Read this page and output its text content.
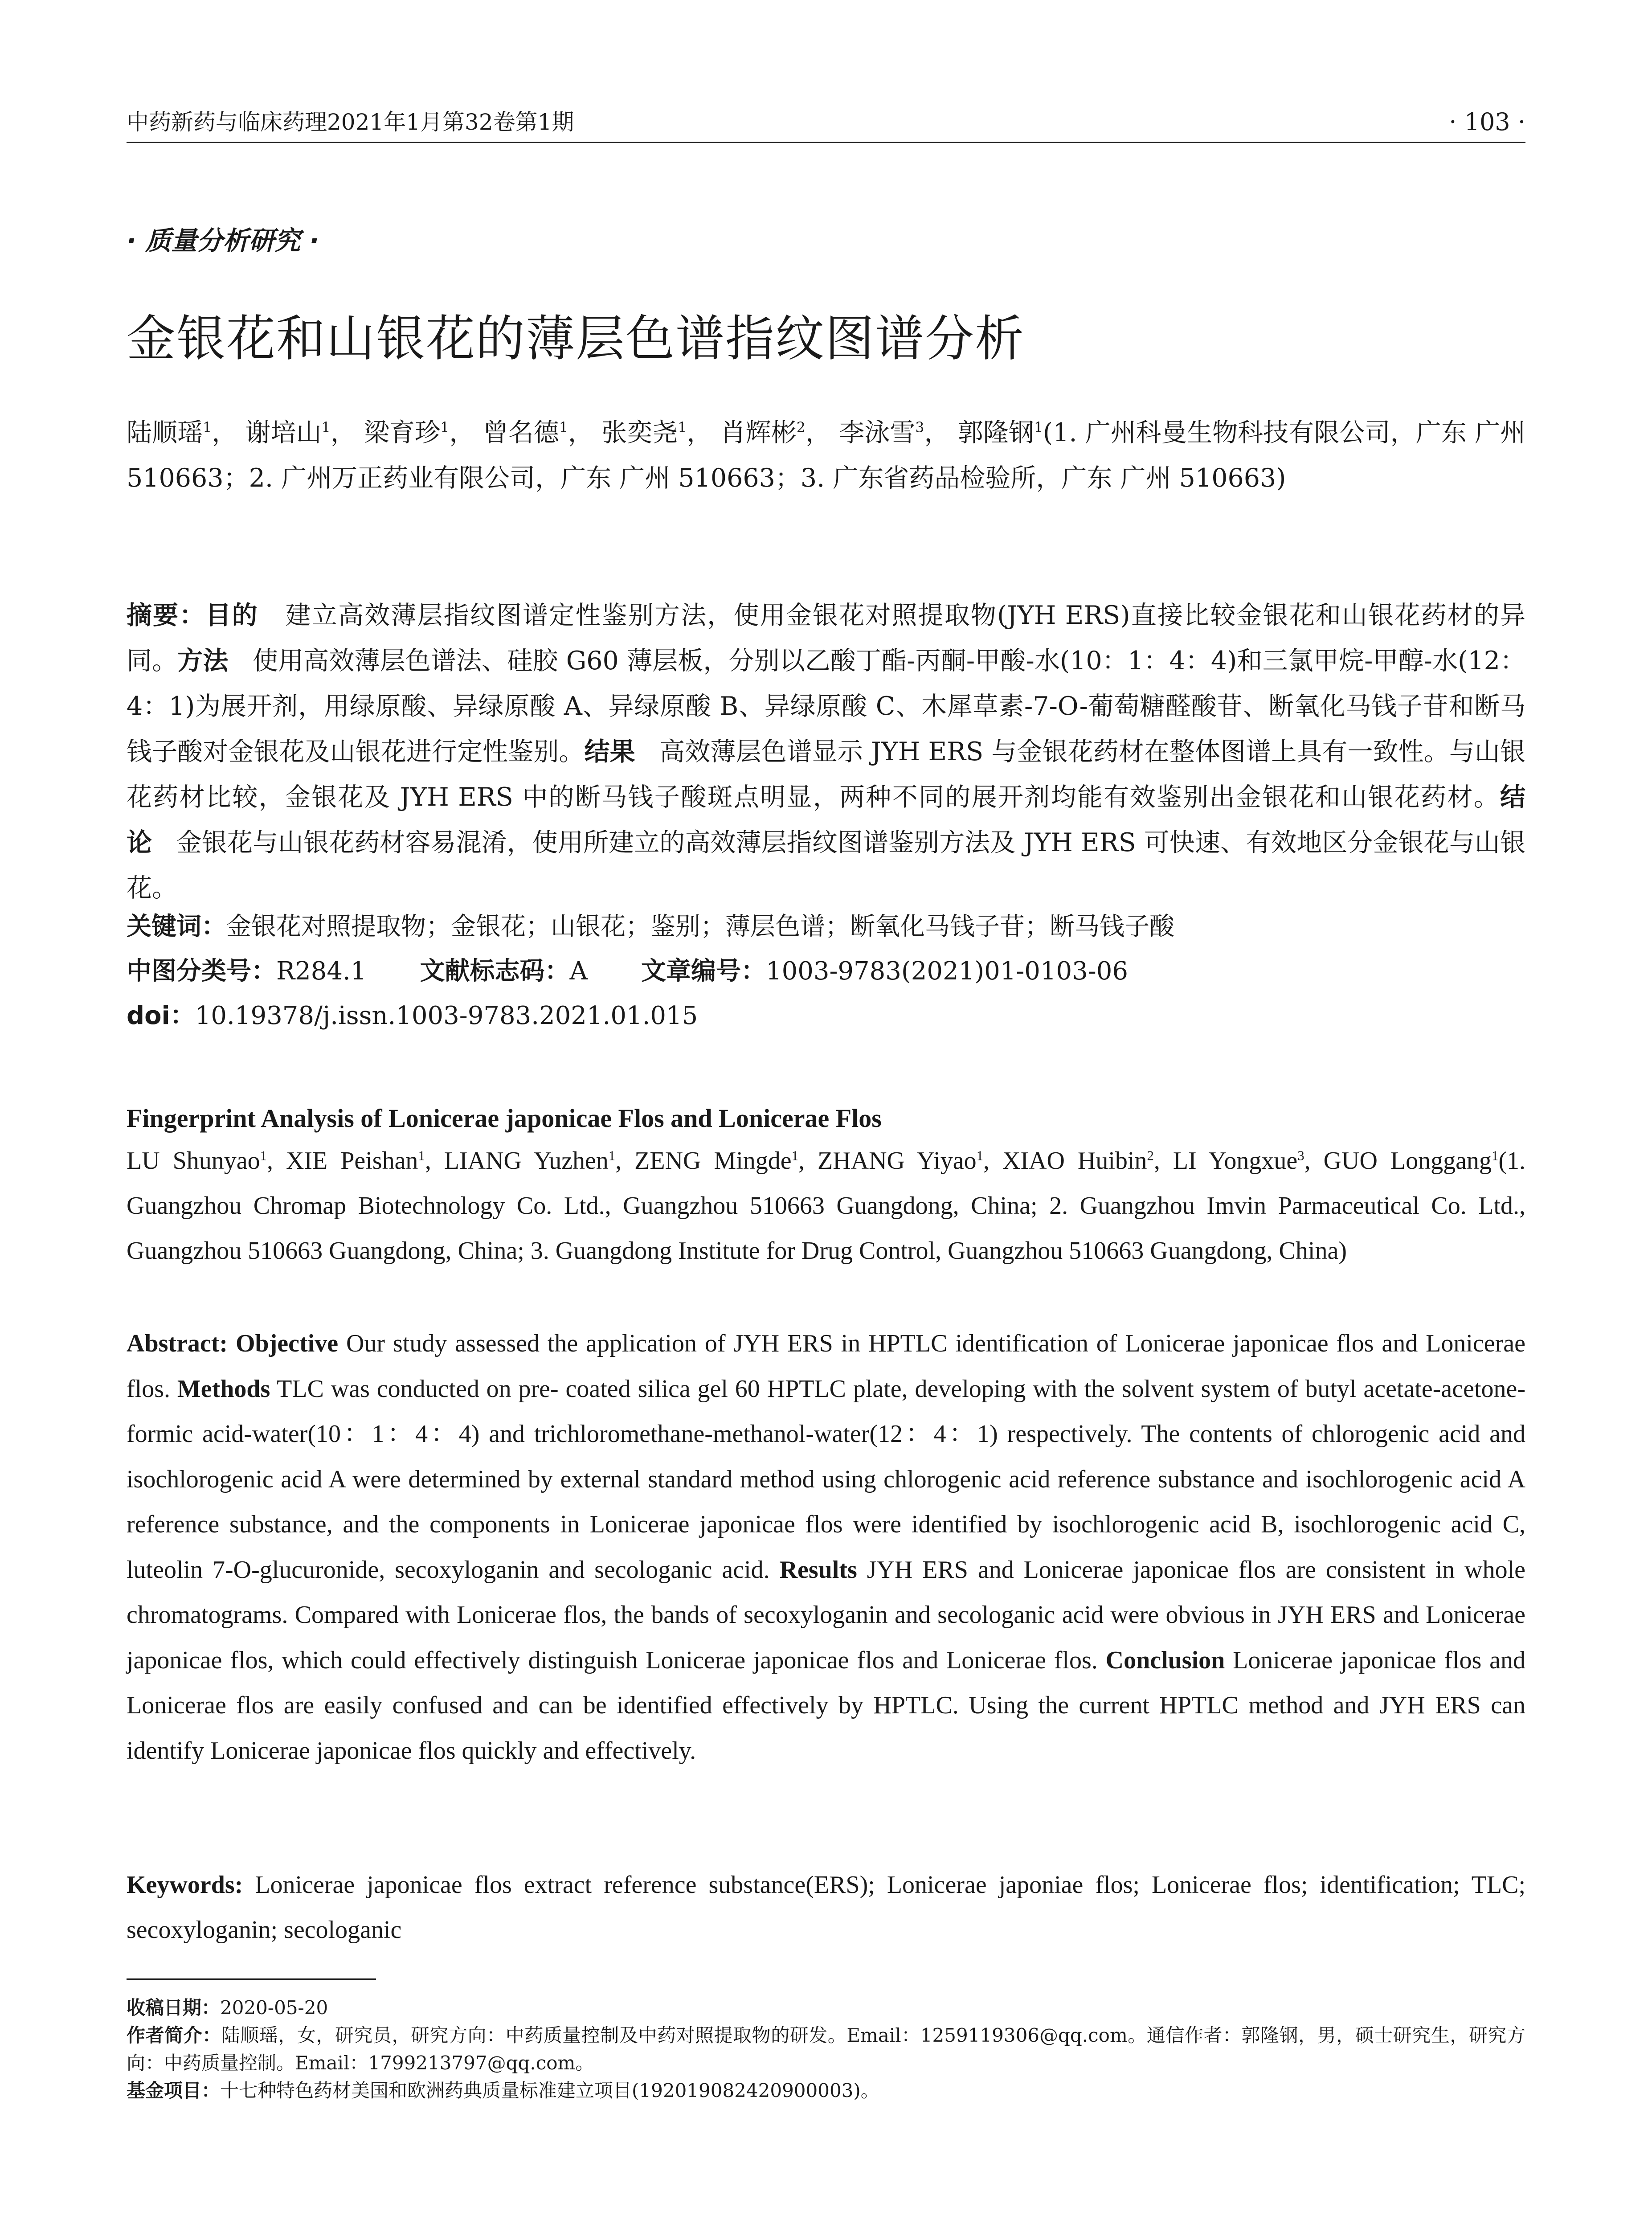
中药新药与临床药理2021年1月第32卷第1期	· 103 ·
· 质量分析研究 ·
金银花和山银花的薄层色谱指纹图谱分析
陆顺瑶$^1$， 谢培山$^1$， 梁育珍$^1$， 曾名德$^1$， 张奕尧$^1$， 肖辉彬$^2$， 李泳雪$^3$， 郭隆钢$^1$(1. 广州科曼生物科技有限公司，广东 广州 510663；2. 广州万正药业有限公司，广东 广州 510663；3. 广东省药品检验所，广东 广州 510663)
摘要：目的 建立高效薄层指纹图谱定性鉴别方法，使用金银花对照提取物(JYH ERS)直接比较金银花和山银花药材的异同。方法 使用高效薄层色谱法、硅胶 G60 薄层板，分别以乙酸丁酯-丙酮-甲酸-水(10：1：4：4)和三氯甲烷-甲醇-水(12：4：1)为展开剂，用绿原酸、异绿原酸 A、异绿原酸 B、异绿原酸 C、木犀草素-7-O-葡萄糖醛酸苷、断氧化马钱子苷和断马钱子酸对金银花及山银花进行定性鉴别。结果 高效薄层色谱显示 JYH ERS 与金银花药材在整体图谱上具有一致性。与山银花药材比较，金银花及 JYH ERS 中的断马钱子酸斑点明显，两种不同的展开剂均能有效鉴别出金银花和山银花药材。结论 金银花与山银花药材容易混淆，使用所建立的高效薄层指纹图谱鉴别方法及 JYH ERS 可快速、有效地区分金银花与山银花。
关键词：金银花对照提取物；金银花；山银花；鉴别；薄层色谱；断氧化马钱子苷；断马钱子酸
中图分类号：R284.1 文献标志码：A 文章编号：1003-9783(2021)01-0103-06
doi：10.19378/j.issn.1003-9783.2021.01.015
Fingerprint Analysis of Lonicerae japonicae Flos and Lonicerae Flos
LU Shunyao$^1$, XIE Peishan$^1$, LIANG Yuzhen$^1$, ZENG Mingde$^1$, ZHANG Yiyao$^1$, XIAO Huibin$^2$, LI Yongxue$^3$, GUO Longgang$^1$(1. Guangzhou Chromap Biotechnology Co. Ltd., Guangzhou 510663 Guangdong, China; 2. Guangzhou Imvin Parmaceutical Co. Ltd., Guangzhou 510663 Guangdong, China; 3. Guangdong Institute for Drug Control, Guangzhou 510663 Guangdong, China)
Abstract: Objective Our study assessed the application of JYH ERS in HPTLC identification of Lonicerae japonicae flos and Lonicerae flos. Methods TLC was conducted on pre- coated silica gel 60 HPTLC plate, developing with the solvent system of butyl acetate-acetone-formic acid-water(10：1：4：4) and trichloromethane-methanol-water(12：4：1) respectively. The contents of chlorogenic acid and isochlorogenic acid A were determined by external standard method using chlorogenic acid reference substance and isochlorogenic acid A reference substance, and the components in Lonicerae japonicae flos were identified by isochlorogenic acid B, isochlorogenic acid C, luteolin 7-O-glucuronide, secoxyloganin and secologanic acid. Results JYH ERS and Lonicerae japonicae flos are consistent in whole chromatograms. Compared with Lonicerae flos, the bands of secoxyloganin and secologanic acid were obvious in JYH ERS and Lonicerae japonicae flos, which could effectively distinguish Lonicerae japonicae flos and Lonicerae flos. Conclusion Lonicerae japonicae flos and Lonicerae flos are easily confused and can be identified effectively by HPTLC. Using the current HPTLC method and JYH ERS can identify Lonicerae japonicae flos quickly and effectively.
Keywords: Lonicerae japonicae flos extract reference substance(ERS); Lonicerae japoniae flos; Lonicerae flos; identification; TLC; secoxyloganin; secologanic
收稿日期：2020-05-20
作者简介：陆顺瑶，女，研究员，研究方向：中药质量控制及中药对照提取物的研发。Email：1259119306@qq.com。通信作者：郭隆钢，男，硕士研究生，研究方向：中药质量控制。Email：1799213797@qq.com。
基金项目：十七种特色药材美国和欧洲药典质量标准建立项目(192019082420900003)。
